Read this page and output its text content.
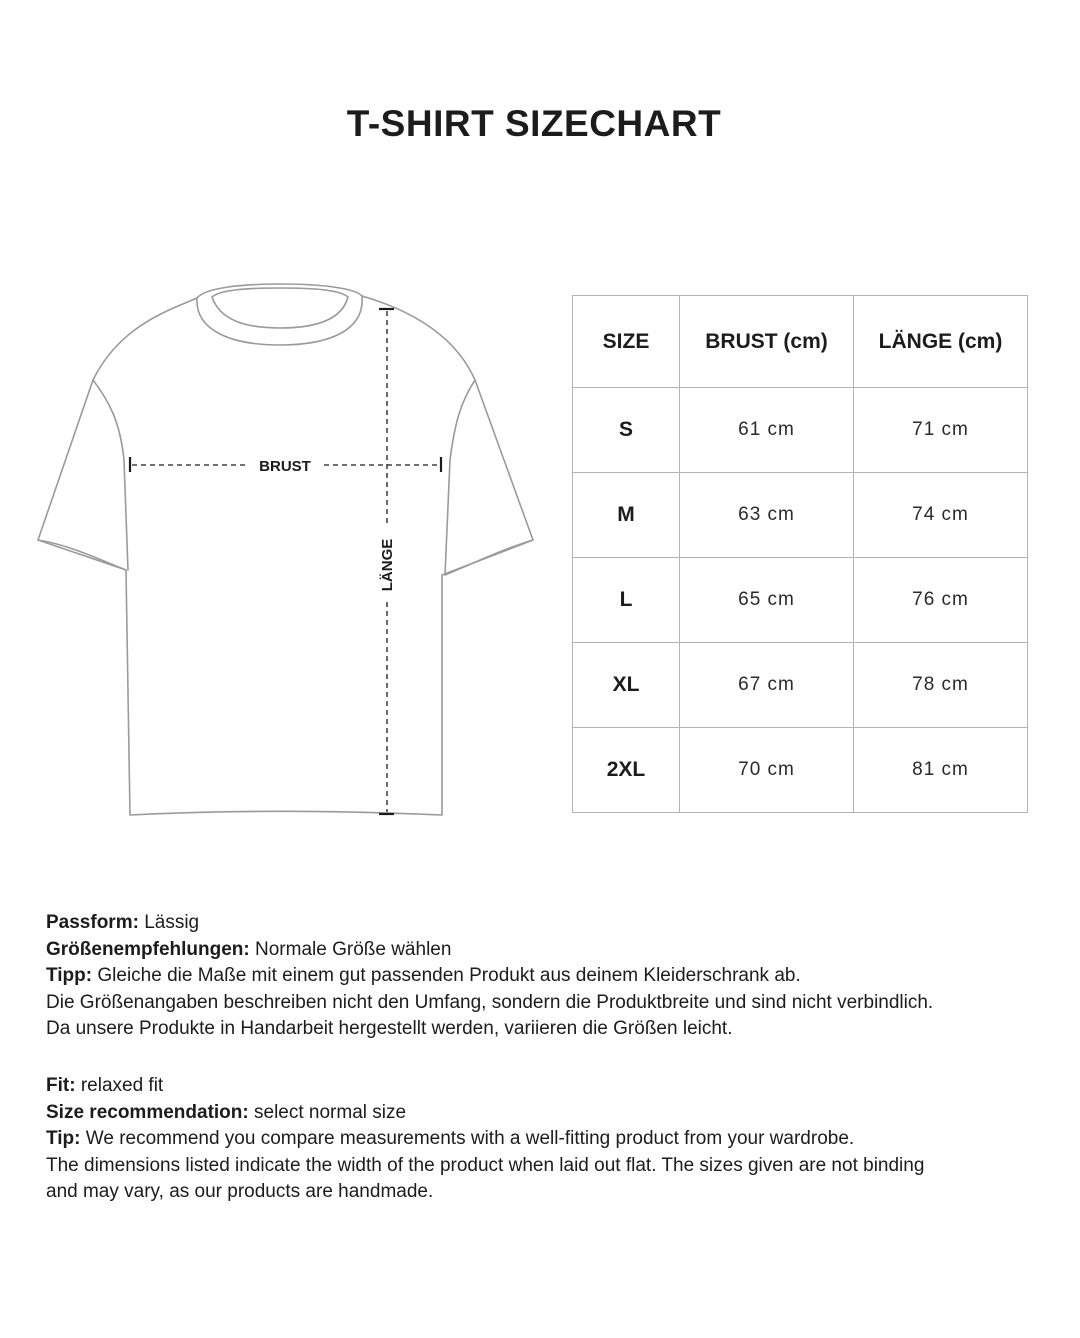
T-SHIRT SIZECHART
BRUST
LÄNGE
SIZE	BRUST (cm)	LÄNGE (cm)
S	61 cm	71 cm
M	63 cm	74 cm
L	65 cm	76 cm
XL	67 cm	78 cm
2XL	70 cm	81 cm

Passform: Lässig

Größenempfehlungen: Normale Größe wählen

Tipp: Gleiche die Maße mit einem gut passenden Produkt aus deinem Kleiderschrank ab.

Die Größenangaben beschreiben nicht den Umfang, sondern die Produktbreite und sind nicht verbindlich.

Da unsere Produkte in Handarbeit hergestellt werden, variieren die Größen leicht.

Fit: relaxed fit

Size recommendation: select normal size

Tip: We recommend you compare measurements with a well-fitting product from your wardrobe.

The dimensions listed indicate the width of the product when laid out flat. The sizes given are not binding

and may vary, as our products are handmade.
